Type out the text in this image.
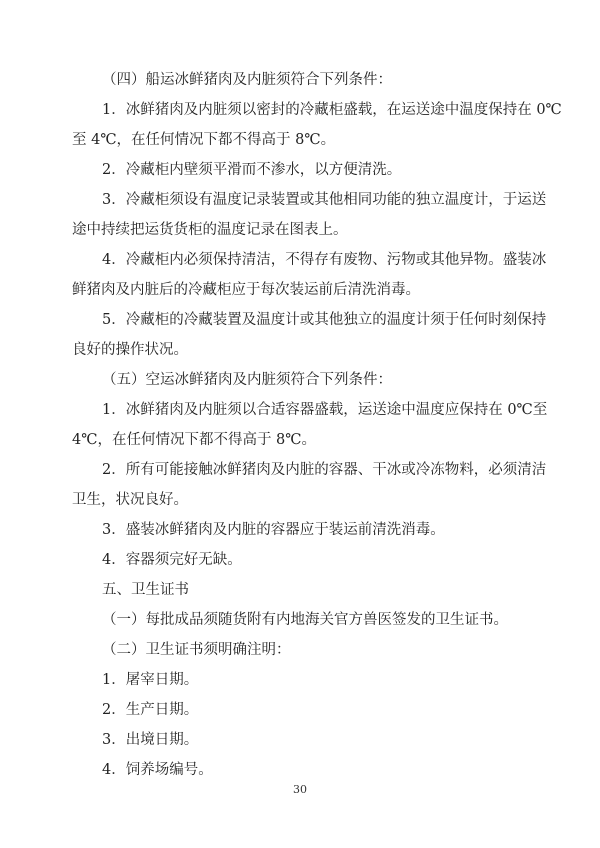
（四）船运冰鲜猪肉及内脏须符合下列条件：

1．冰鲜猪肉及内脏须以密封的冷藏柜盛载，在运送途中温度保持在 0℃

至 4℃，在任何情况下都不得高于 8℃。

2．冷藏柜内壁须平滑而不渗水，以方便清洗。

3．冷藏柜须设有温度记录装置或其他相同功能的独立温度计，于运送

途中持续把运货货柜的温度记录在图表上。

4．冷藏柜内必须保持清洁，不得存有废物、污物或其他异物。盛装冰

鲜猪肉及内脏后的冷藏柜应于每次装运前后清洗消毒。

5．冷藏柜的冷藏装置及温度计或其他独立的温度计须于任何时刻保持

良好的操作状况。

（五）空运冰鲜猪肉及内脏须符合下列条件：

1．冰鲜猪肉及内脏须以合适容器盛载，运送途中温度应保持在 0℃至

4℃，在任何情况下都不得高于 8℃。

2．所有可能接触冰鲜猪肉及内脏的容器、干冰或冷冻物料，必须清洁

卫生，状况良好。

3．盛装冰鲜猪肉及内脏的容器应于装运前清洗消毒。

4．容器须完好无缺。

五、卫生证书

（一）每批成品须随货附有内地海关官方兽医签发的卫生证书。

（二）卫生证书须明确注明：

1．屠宰日期。

2．生产日期。

3．出境日期。

4．饲养场编号。

30
